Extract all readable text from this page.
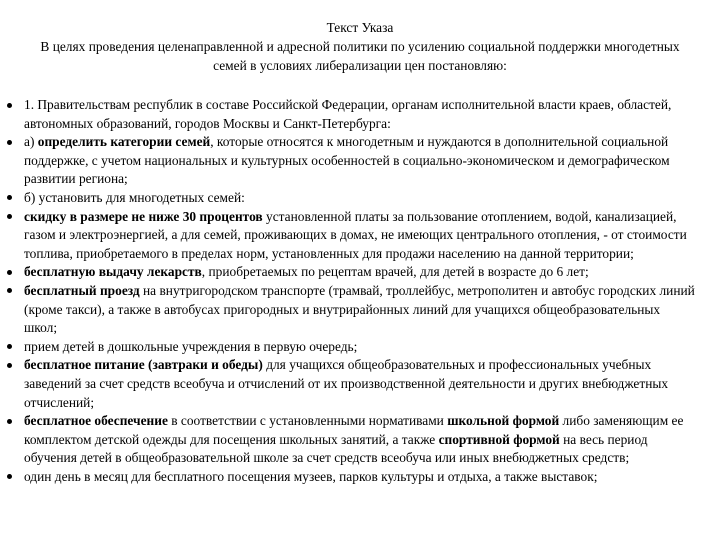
Текст Указа
В целях проведения целенаправленной и адресной политики по усилению социальной поддержки многодетных семей в условиях либерализации цен постановляю:
1. Правительствам республик в составе Российской Федерации, органам исполнительной власти краев, областей, автономных образований, городов Москвы и Санкт-Петербурга:
а) определить категории семей, которые относятся к многодетным и нуждаются в дополнительной социальной поддержке, с учетом национальных и культурных особенностей в социально-экономическом и демографическом развитии региона;
б) установить для многодетных семей:
скидку в размере не ниже 30 процентов установленной платы за пользование отоплением, водой, канализацией, газом и электроэнергией, а для семей, проживающих в домах, не имеющих центрального отопления, - от стоимости топлива, приобретаемого в пределах норм, установленных для продажи населению на данной территории;
бесплатную выдачу лекарств, приобретаемых по рецептам врачей, для детей в возрасте до 6 лет;
бесплатный проезд на внутригородском транспорте (трамвай, троллейбус, метрополитен и автобус городских линий (кроме такси), а также в автобусах пригородных и внутрирайонных линий для учащихся общеобразовательных школ;
прием детей в дошкольные учреждения в первую очередь;
бесплатное питание (завтраки и обеды) для учащихся общеобразовательных и профессиональных учебных заведений за счет средств всеобуча и отчислений от их производственной деятельности и других внебюджетных отчислений;
бесплатное обеспечение в соответствии с установленными нормативами школьной формой либо заменяющим ее комплектом детской одежды для посещения школьных занятий, а также спортивной формой на весь период обучения детей в общеобразовательной школе за счет средств всеобуча или иных внебюджетных средств;
один день в месяц для бесплатного посещения музеев, парков культуры и отдыха, а также выставок;
